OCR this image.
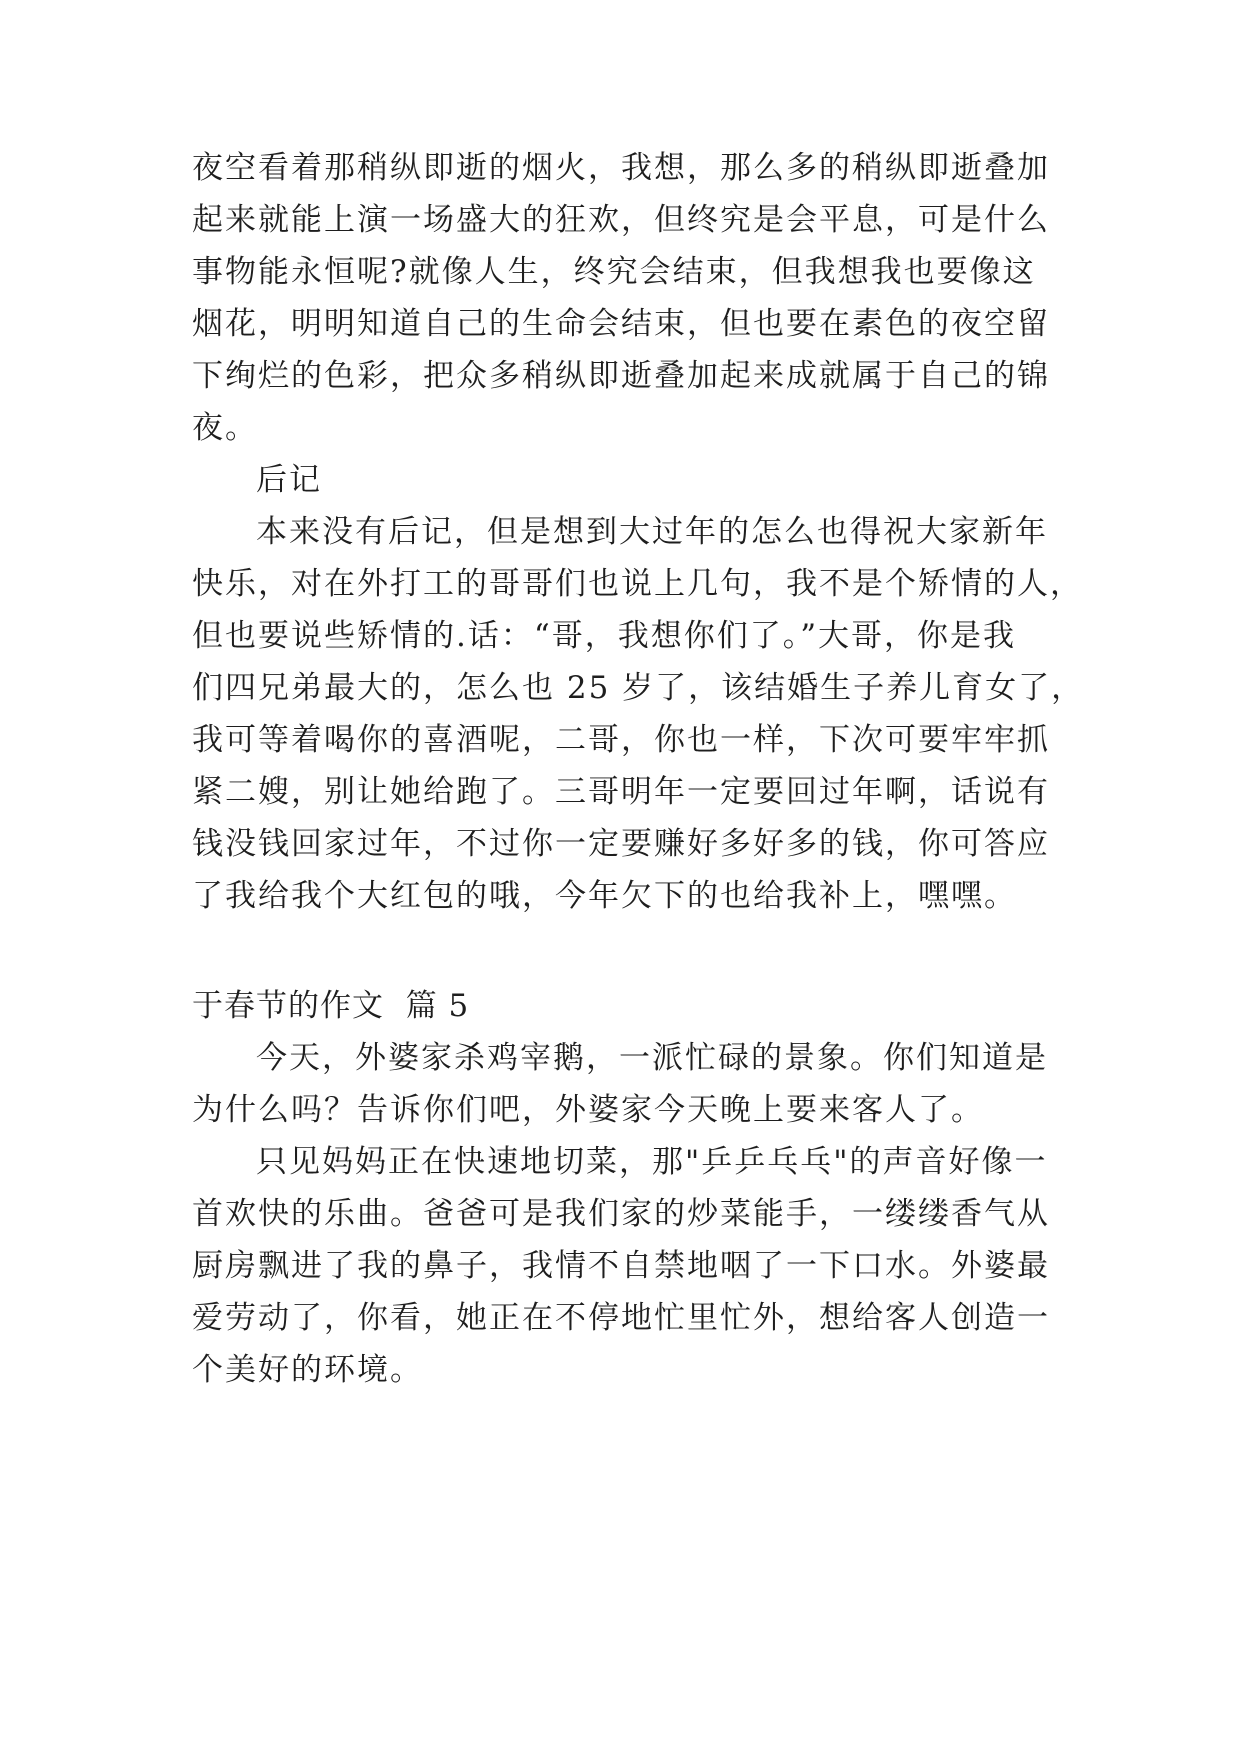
夜空看着那稍纵即逝的烟火，我想，那么多的稍纵即逝叠加
起来就能上演一场盛大的狂欢，但终究是会平息，可是什么
事物能永恒呢?就像人生，终究会结束，但我想我也要像这
烟花，明明知道自己的生命会结束，但也要在素色的夜空留
下绚烂的色彩，把众多稍纵即逝叠加起来成就属于自己的锦
夜。
后记
本来没有后记，但是想到大过年的怎么也得祝大家新年
快乐，对在外打工的哥哥们也说上几句，我不是个矫情的人，
但也要说些矫情的.话：“哥，我想你们了。”大哥，你是我
们四兄弟最大的，怎么也 25 岁了，该结婚生子养儿育女了，
我可等着喝你的喜酒呢，二哥，你也一样，下次可要牢牢抓
紧二嫂，别让她给跑了。三哥明年一定要回过年啊，话说有
钱没钱回家过年，不过你一定要赚好多好多的钱，你可答应
了我给我个大红包的哦，今年欠下的也给我补上，嘿嘿。
于春节的作文  篇 5
今天，外婆家杀鸡宰鹅，一派忙碌的景象。你们知道是
为什么吗？告诉你们吧，外婆家今天晚上要来客人了。
只见妈妈正在快速地切菜，那"乒乒乓乓"的声音好像一
首欢快的乐曲。爸爸可是我们家的炒菜能手，一缕缕香气从
厨房飘进了我的鼻子，我情不自禁地咽了一下口水。外婆最
爱劳动了，你看，她正在不停地忙里忙外，想给客人创造一
个美好的环境。
